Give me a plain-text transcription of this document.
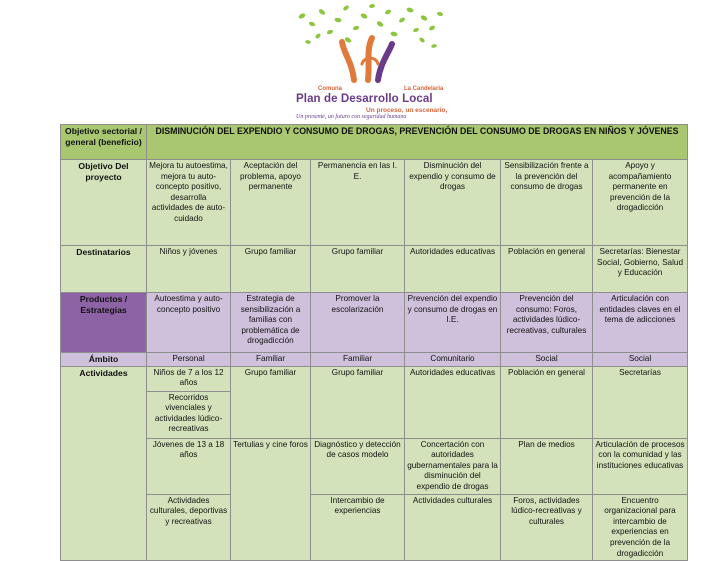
Comuna	La Candelaria
Plan de Desarrollo Local
Un proceso, un escenario,
Un presente, un futuro con seguridad humana
Objetivo sectorial / general (beneficio)	DISMINUCIÓN DEL EXPENDIO Y CONSUMO DE DROGAS, PREVENCIÓN DEL CONSUMO DE DROGAS EN NIÑOS Y JÓVENES					
Objetivo Del proyecto	Mejora tu autoestima, mejora tu auto-concepto positivo, desarrolla actividades de auto-cuidado	Aceptación del problema, apoyo permanente	Permanencia en las I. E.	Disminución del expendio y consumo de drogas	Sensibilización frente a la prevención del consumo de drogas	Apoyo y acompañamiento permanente en prevención de la drogadicción
Destinatarios	Niños y jóvenes	Grupo familiar	Grupo familiar	Autoridades educativas	Población en general	Secretarías: Bienestar Social, Gobierno, Salud y Educación
Productos / Estrategias	Autoestima y auto-concepto positivo	Estrategia de sensibilización a familias con problemática de drogadicción	Promover la escolarización	Prevención del expendio y consumo de drogas en I.E.	Prevención del consumo: Foros, actividades lúdico-recreativas, culturales	Articulación con entidades claves en el tema de adicciones
Ámbito	Personal	Familiar	Familiar	Comunitario	Social	Social
Actividades	Niños de 7 a los 12 años	Grupo familiar	Grupo familiar	Autoridades educativas	Población en general	Secretarías
	Recorridos vivenciales y actividades lúdico-recreativas					
	Jóvenes de 13 a 18 años	Tertulias y cine foros	Diagnóstico y detección de casos modelo	Concertación con autoridades gubernamentales para la disminución del expendio de drogas	Plan de medios	Articulación de procesos con la comunidad y las instituciones educativas
	Actividades culturales, deportivas y recreativas		Intercambio de experiencias	Actividades culturales	Foros, actividades lúdico-recreativas y culturales	Encuentro organizacional para intercambio de experiencias en prevención de la drogadicción
